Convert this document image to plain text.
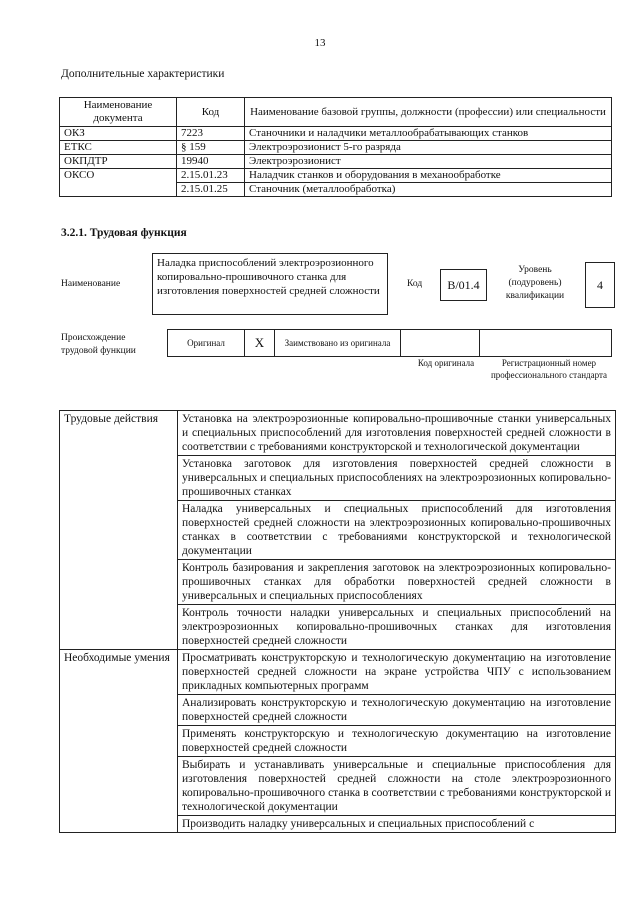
13
Дополнительные характеристики
Наименование документа	Код	Наименование базовой группы, должности (профессии) или специальности
ОКЗ	7223	Станочники и наладчики металлообрабатывающих станков
ЕТКС	§ 159	Электроэрозионист 5-го разряда
ОКПДТР	19940	Электроэрозионист
ОКСО	2.15.01.23	Наладчик станков и оборудования в механообработке
	2.15.01.25	Станочник (металлообработка)
3.2.1. Трудовая функция
Наименование
Наладка приспособлений электроэрозионного копировально-прошивочного станка для изготовления поверхностей средней сложности
Код	B/01.4
Уровень (подуровень) квалификации
4
Происхождение трудовой функции
Оригинал	X	Заимствовано из оригинала		
Код оригинала	Регистрационный номер профессионального стандарта
Трудовые действия	Установка на электроэрозионные копировально-прошивочные станки универсальных и специальных приспособлений для изготовления поверхностей средней сложности в соответствии с требованиями конструкторской и технологической документации
	Установка заготовок для изготовления поверхностей средней сложности в универсальных и специальных приспособлениях на электроэрозионных копировально-прошивочных станках
	Наладка универсальных и специальных приспособлений для изготовления поверхностей средней сложности на электроэрозионных копировально-прошивочных станках в соответствии с требованиями конструкторской и технологической документации
	Контроль базирования и закрепления заготовок на электроэрозионных копировально-прошивочных станках для обработки поверхностей средней сложности в универсальных и специальных приспособлениях
	Контроль точности наладки универсальных и специальных приспособлений на электроэрозионных копировально-прошивочных станках для изготовления поверхностей средней сложности
Необходимые умения	Просматривать конструкторскую и технологическую документацию на изготовление поверхностей средней сложности на экране устройства ЧПУ с использованием прикладных компьютерных программ
	Анализировать конструкторскую и технологическую документацию на изготовление поверхностей средней сложности
	Применять конструкторскую и технологическую документацию на изготовление поверхностей средней сложности
	Выбирать и устанавливать универсальные и специальные приспособления для изготовления поверхностей средней сложности на столе электроэрозионного копировально-прошивочного станка в соответствии с требованиями конструкторской и технологической документации
	Производить наладку универсальных и специальных приспособлений с
